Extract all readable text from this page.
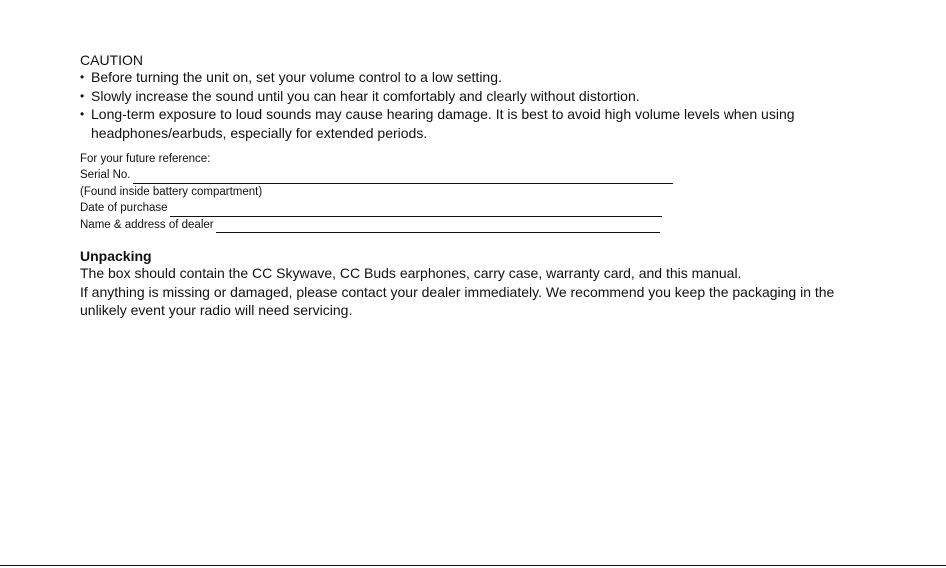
CAUTION
• Before turning the unit on, set your volume control to a low setting.
• Slowly increase the sound until you can hear it comfortably and clearly without distortion.
• Long-term exposure to loud sounds may cause hearing damage. It is best to avoid high volume levels when using headphones/earbuds, especially for extended periods.
For your future reference:
Serial No.
(Found inside battery compartment)
Date of purchase
Name & address of dealer
Unpacking

The box should contain the CC Skywave, CC Buds earphones, carry case, warranty card, and this manual.

If anything is missing or damaged, please contact your dealer immediately. We recommend you keep the packaging in the unlikely event your radio will need servicing.
